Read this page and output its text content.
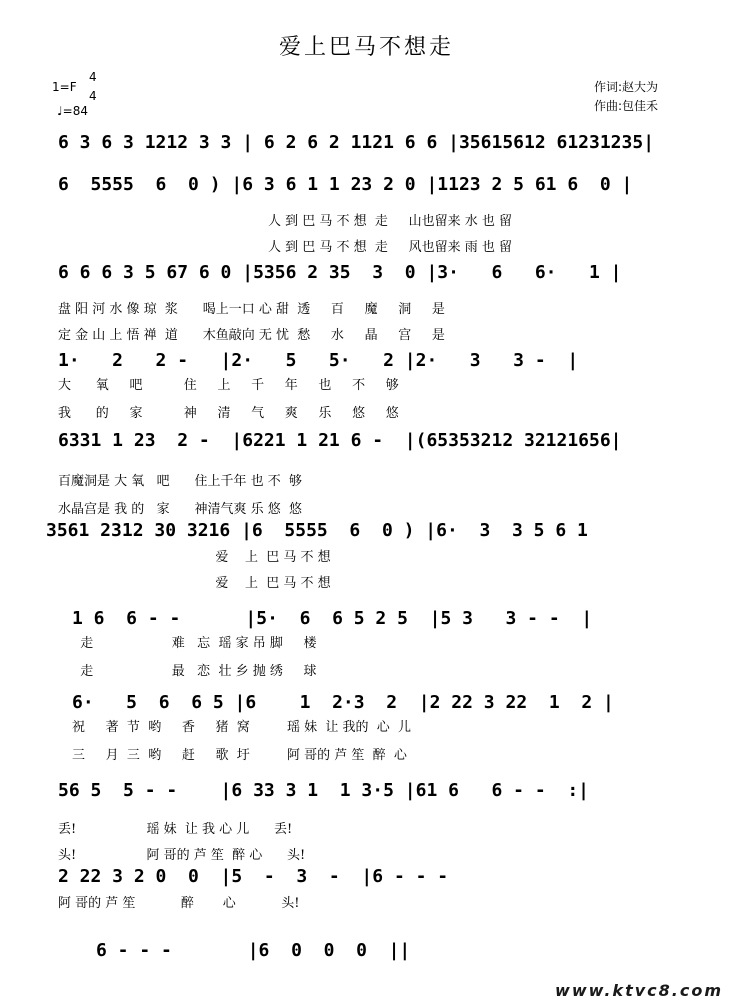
爱上巴马不想走
1=F
4
4
♩=84
作词:赵大为
作曲:包佳禾
6 3 6 3 1212 3 3 | 6 2 6 2 1121 6 6 |35615612 61231235|
6  5555  6  0 ) |6 3 6 1 1 23 2 0 |1123 2 5 61 6  0 |
人 到 巴 马 不 想  走     山也留来 水 也 留
人 到 巴 马 不 想  走     风也留来 雨 也 留
6 6 6 3 5 67 6 0 |5356 2 35  3  0 |3·   6   6·   1 |
盘 阳 河 水 像 琼  浆      喝上一口 心 甜  透     百     魔     洞     是
定 金 山 上 悟 禅  道      木鱼敲向 无 忧  愁     水     晶     宫     是
1·   2   2 -   |2·   5   5·   2 |2·   3   3 -  |
大      氧     吧          住     上     千     年     也     不     够
我      的     家          神     清     气     爽     乐     悠     悠
6331 1 23  2 -  |6221 1 21 6 -  |(65353212 32121656|
百魔洞是 大 氧   吧      住上千年 也 不  够
水晶宫是 我 的   家      神清气爽 乐 悠  悠
3561 2312 30 3216 |6  5555  6  0 ) |6·  3  3 5 6 1
爱    上  巴 马 不 想
爱    上  巴 马 不 想
1 6  6 - -      |5·  6  6 5 2 5  |5 3   3 - -  |
走                   难   忘  瑶 家 吊 脚     楼
走                   最   恋  壮 乡 抛 绣     球
6·   5  6  6 5 |6    1  2·3  2  |2 22 3 22  1  2 |
祝     著  节  哟     香     猪  窝         瑶 妹  让 我的  心  儿
三     月  三  哟     赶     歌  圩         阿 哥的 芦 笙  醉  心
56 5  5 - -    |6 33 3 1  1 3·5 |61 6   6 - -  :|
丢!                 瑶 妹  让 我 心 儿      丢!
头!                 阿 哥的 芦 笙  醉 心      头!
2 22 3 2 0  0  |5  -  3  -  |6 - - -
阿 哥的 芦 笙           醉       心           头!
6 - - -       |6  0  0  0  ||
www.ktvc8.com
